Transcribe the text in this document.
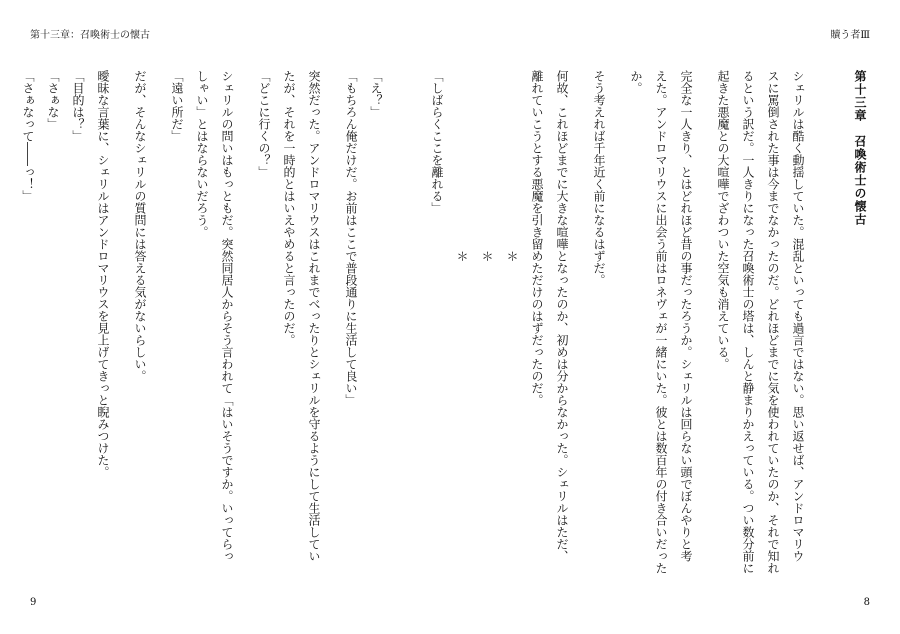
第十三章：召喚術士の懐古	贖う者Ⅲ
「え？」
「もちろん俺だけだ。お前はここで普段通りに生活して良い」
突然だった。アンドロマリウスはこれまでべったりとシェリルを守るようにして生活してい
たが、それを一時的とはいえやめると言ったのだ。
「どこに行くの？」
シェリルの問いはもっともだ。突然同居人からそう言われて「はいそうですか。いってらっ
しゃい」とはならないだろう。
「遠い所だ」
だが、そんなシェリルの質問には答える気がないらしい。
曖昧な言葉に、シェリルはアンドロマリウスを見上げてきっと睨みつけた。
「目的は？」
「さぁな」
「さぁなって――っ！」	第十三章　召喚術士の懐古
シェリルは酷く動揺していた。混乱といっても過言ではない。思い返せば、アンドロマリウ
スに罵倒された事は今までなかったのだ。どれほどまでに気を使われていたのか、それで知れ
るという訳だ。一人きりになった召喚術士の塔は、しんと静まりかえっている。つい数分前に
起きた悪魔との大喧嘩でざわついた空気も消えている。
完全な一人きり、とはどれほど昔の事だったろうか。シェリルは回らない頭でぼんやりと考
えた。アンドロマリウスに出会う前はロネヴェが一緒にいた。彼とは数百年の付き合いだった
か。
そう考えれば千年近く前になるはずだ。
何故、これほどまでに大きな喧嘩となったのか、初めは分からなかった。シェリルはただ、
離れていこうとする悪魔を引き留めただけのはずだったのだ。
＊
＊
＊
「しばらくここを離れる」
9	8
